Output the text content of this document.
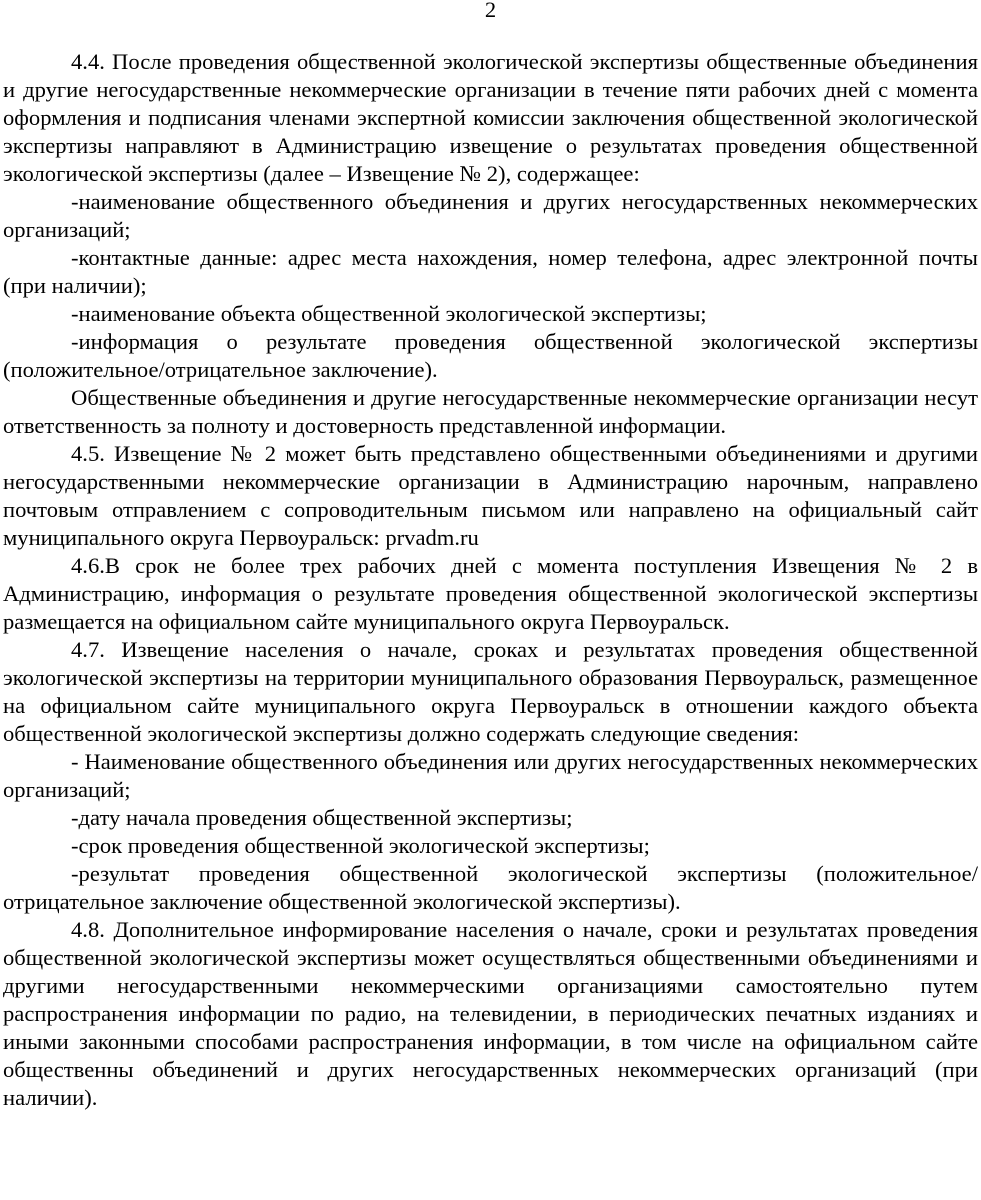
2

4.4. После проведения общественной экологической экспертизы общественные объединения и другие негосударственные некоммерческие организации в течение пяти рабочих дней с момента оформления и подписания членами экспертной комиссии заключения общественной экологической экспертизы направляют в Администрацию извещение о результатах проведения общественной экологической экспертизы (далее – Извещение № 2), содержащее:

-наименование общественного объединения и других негосударственных некоммерческих организаций;

-контактные данные: адрес места нахождения, номер телефона, адрес электронной почты (при наличии);

-наименование объекта общественной экологической экспертизы;

-информация о результате проведения общественной экологической экспертизы (положительное/отрицательное заключение).

Общественные объединения и другие негосударственные некоммерческие организации несут ответственность за полноту и достоверность представленной информации.

4.5. Извещение № 2 может быть представлено общественными объединениями и другими негосударственными некоммерческие организации в Администрацию нарочным, направлено почтовым отправлением с сопроводительным письмом или направлено на официальный сайт муниципального округа Первоуральск: prvadm.ru

4.6.В срок не более трех рабочих дней с момента поступления Извещения № 2 в Администрацию, информация о результате проведения общественной экологической экспертизы размещается на официальном сайте муниципального округа Первоуральск.

4.7. Извещение населения о начале, сроках и результатах проведения общественной экологической экспертизы на территории муниципального образования Первоуральск, размещенное на официальном сайте муниципального округа Первоуральск в отношении каждого объекта общественной экологической экспертизы должно содержать следующие сведения:

- Наименование общественного объединения или других негосударственных некоммерческих организаций;

-дату начала проведения общественной экспертизы;

-срок проведения общественной экологической экспертизы;

-результат проведения общественной экологической экспертизы (положительное/отрицательное заключение общественной экологической экспертизы).

4.8. Дополнительное информирование населения о начале, сроки и результатах проведения общественной экологической экспертизы может осуществляться общественными объединениями и другими негосударственными некоммерческими организациями самостоятельно путем распространения информации по радио, на телевидении, в периодических печатных изданиях и иными законными способами распространения информации, в том числе на официальном сайте общественны объединений и других негосударственных некоммерческих организаций (при наличии).
